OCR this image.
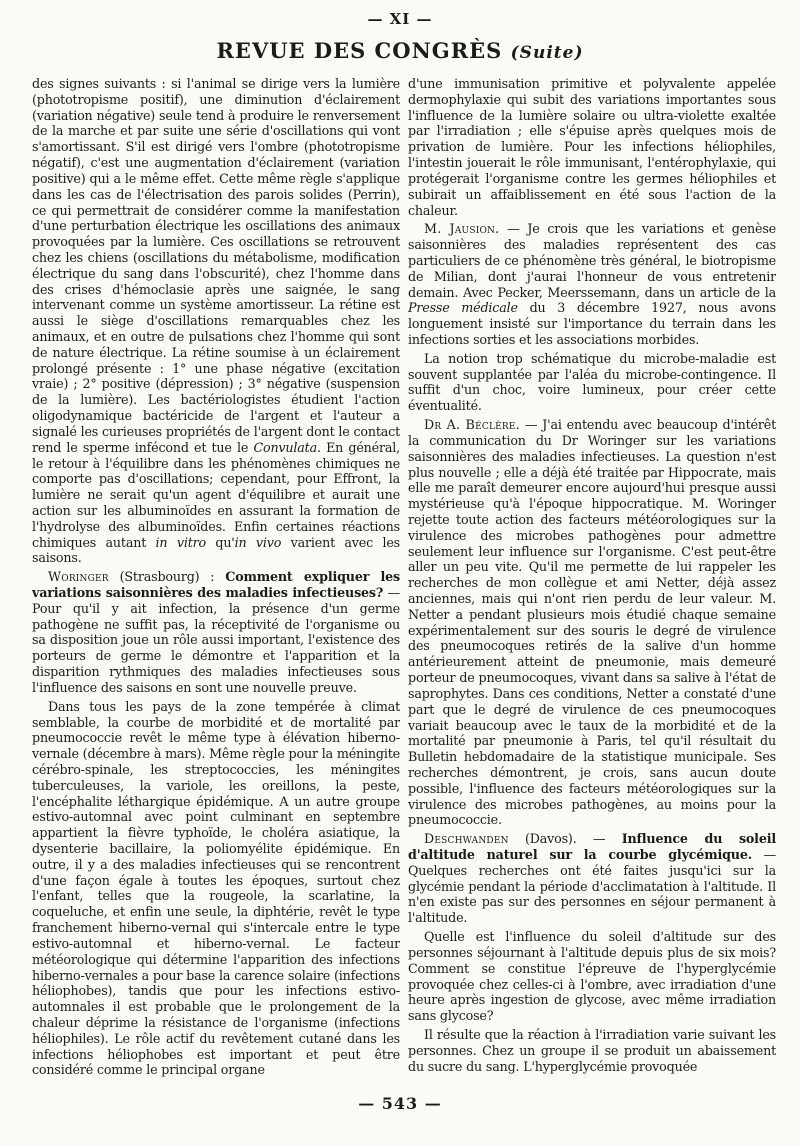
— XI —
REVUE DES CONGRÈS (Suite)

des signes suivants : si l'animal se dirige vers la lumière (phototropisme positif), une diminution d'éclairement (variation négative) seule tend à produire le renversement de la marche et par suite une série d'oscillations qui vont s'amortissant. S'il est dirigé vers l'ombre (phototropisme négatif), c'est une augmentation d'éclairement (variation positive) qui a le même effet. Cette même règle s'applique dans les cas de l'électrisation des parois solides (Perrin), ce qui permettrait de considérer comme la manifestation d'une perturbation électrique les oscillations des animaux provoquées par la lumière. Ces oscillations se retrouvent chez les chiens (oscillations du métabolisme, modification électrique du sang dans l'obscurité), chez l'homme dans des crises d'hémoclasie après une saignée, le sang intervenant comme un système amortisseur. La rétine est aussi le siège d'oscillations remarquables chez les animaux, et en outre de pulsations chez l'homme qui sont de nature électrique. La rétine soumise à un éclairement prolongé présente : 1° une phase négative (excitation vraie) ; 2° positive (dépression) ; 3° négative (suspension de la lumière). Les bactériologistes étudient l'action oligodynamique bactéricide de l'argent et l'auteur a signalé les curieuses propriétés de l'argent dont le contact rend le sperme infécond et tue le Convulata. En général, le retour à l'équilibre dans les phénomènes chimiques ne comporte pas d'oscillations; cependant, pour Effront, la lumière ne serait qu'un agent d'équilibre et aurait une action sur les albuminoïdes en assurant la formation de l'hydrolyse des albuminoïdes. Enfin certaines réactions chimiques autant in vitro qu'in vivo varient avec les saisons.

Woringer (Strasbourg) : Comment expliquer les variations saisonnières des maladies infectieuses? — Pour qu'il y ait infection, la présence d'un germe pathogène ne suffit pas, la réceptivité de l'organisme ou sa disposition joue un rôle aussi important, l'existence des porteurs de germe le démontre et l'apparition et la disparition rythmiques des maladies infectieuses sous l'influence des saisons en sont une nouvelle preuve.

Dans tous les pays de la zone tempérée à climat semblable, la courbe de morbidité et de mortalité par pneumococcie revêt le même type à élévation hiberno-vernale (décembre à mars). Même règle pour la méningite cérébro-spinale, les streptococcies, les méningites tuberculeuses, la variole, les oreillons, la peste, l'encéphalite léthargique épidémique. A un autre groupe estivo-automnal avec point culminant en septembre appartient la fièvre typhoïde, le choléra asiatique, la dysenterie bacillaire, la poliomyélite épidémique. En outre, il y a des maladies infectieuses qui se rencontrent d'une façon égale à toutes les époques, surtout chez l'enfant, telles que la rougeole, la scarlatine, la coqueluche, et enfin une seule, la diphtérie, revêt le type franchement hiberno-vernal qui s'intercale entre le type estivo-automnal et hiberno-vernal. Le facteur météorologique qui détermine l'apparition des infections hiberno-vernales a pour base la carence solaire (infections héliophobes), tandis que pour les infections estivo-automnales il est probable que le prolongement de la chaleur déprime la résistance de l'organisme (infections héliophiles). Le rôle actif du revêtement cutané dans les infections héliophobes est important et peut être considéré comme le principal organe

d'une immunisation primitive et polyvalente appelée dermophylaxie qui subit des variations importantes sous l'influence de la lumière solaire ou ultra-violette exaltée par l'irradiation ; elle s'épuise après quelques mois de privation de lumière. Pour les infections héliophiles, l'intestin jouerait le rôle immunisant, l'entérophylaxie, qui protégerait l'organisme contre les germes héliophiles et subirait un affaiblissement en été sous l'action de la chaleur.

M. Jausion. — Je crois que les variations et genèse saisonnières des maladies représentent des cas particuliers de ce phénomène très général, le biotropisme de Milian, dont j'aurai l'honneur de vous entretenir demain. Avec Pecker, Meerssemann, dans un article de la Presse médicale du 3 décembre 1927, nous avons longuement insisté sur l'importance du terrain dans les infections sorties et les associations morbides.

La notion trop schématique du microbe-maladie est souvent supplantée par l'aléa du microbe-contingence. Il suffit d'un choc, voire lumineux, pour créer cette éventualité.

Dr A. Béclère. — J'ai entendu avec beaucoup d'intérêt la communication du Dr Woringer sur les variations saisonnières des maladies infectieuses. La question n'est plus nouvelle ; elle a déjà été traitée par Hippocrate, mais elle me paraît demeurer encore aujourd'hui presque aussi mystérieuse qu'à l'époque hippocratique. M. Woringer rejette toute action des facteurs météorologiques sur la virulence des microbes pathogènes pour admettre seulement leur influence sur l'organisme. C'est peut-être aller un peu vite. Qu'il me permette de lui rappeler les recherches de mon collègue et ami Netter, déjà assez anciennes, mais qui n'ont rien perdu de leur valeur. M. Netter a pendant plusieurs mois étudié chaque semaine expérimentalement sur des souris le degré de virulence des pneumocoques retirés de la salive d'un homme antérieurement atteint de pneumonie, mais demeuré porteur de pneumocoques, vivant dans sa salive à l'état de saprophytes. Dans ces conditions, Netter a constaté d'une part que le degré de virulence de ces pneumocoques variait beaucoup avec le taux de la morbidité et de la mortalité par pneumonie à Paris, tel qu'il résultait du Bulletin hebdomadaire de la statistique municipale. Ses recherches démontrent, je crois, sans aucun doute possible, l'influence des facteurs météorologiques sur la virulence des microbes pathogènes, au moins pour la pneumococcie.

Deschwanden (Davos). — Influence du soleil d'altitude naturel sur la courbe glycémique. — Quelques recherches ont été faites jusqu'ici sur la glycémie pendant la période d'acclimatation à l'altitude. Il n'en existe pas sur des personnes en séjour permanent à l'altitude.

Quelle est l'influence du soleil d'altitude sur des personnes séjournant à l'altitude depuis plus de six mois? Comment se constitue l'épreuve de l'hyperglycémie provoquée chez celles-ci à l'ombre, avec irradiation d'une heure après ingestion de glycose, avec même irradiation sans glycose?

Il résulte que la réaction à l'irradiation varie suivant les personnes. Chez un groupe il se produit un abaissement du sucre du sang. L'hyperglycémie provoquée

— 543 —
